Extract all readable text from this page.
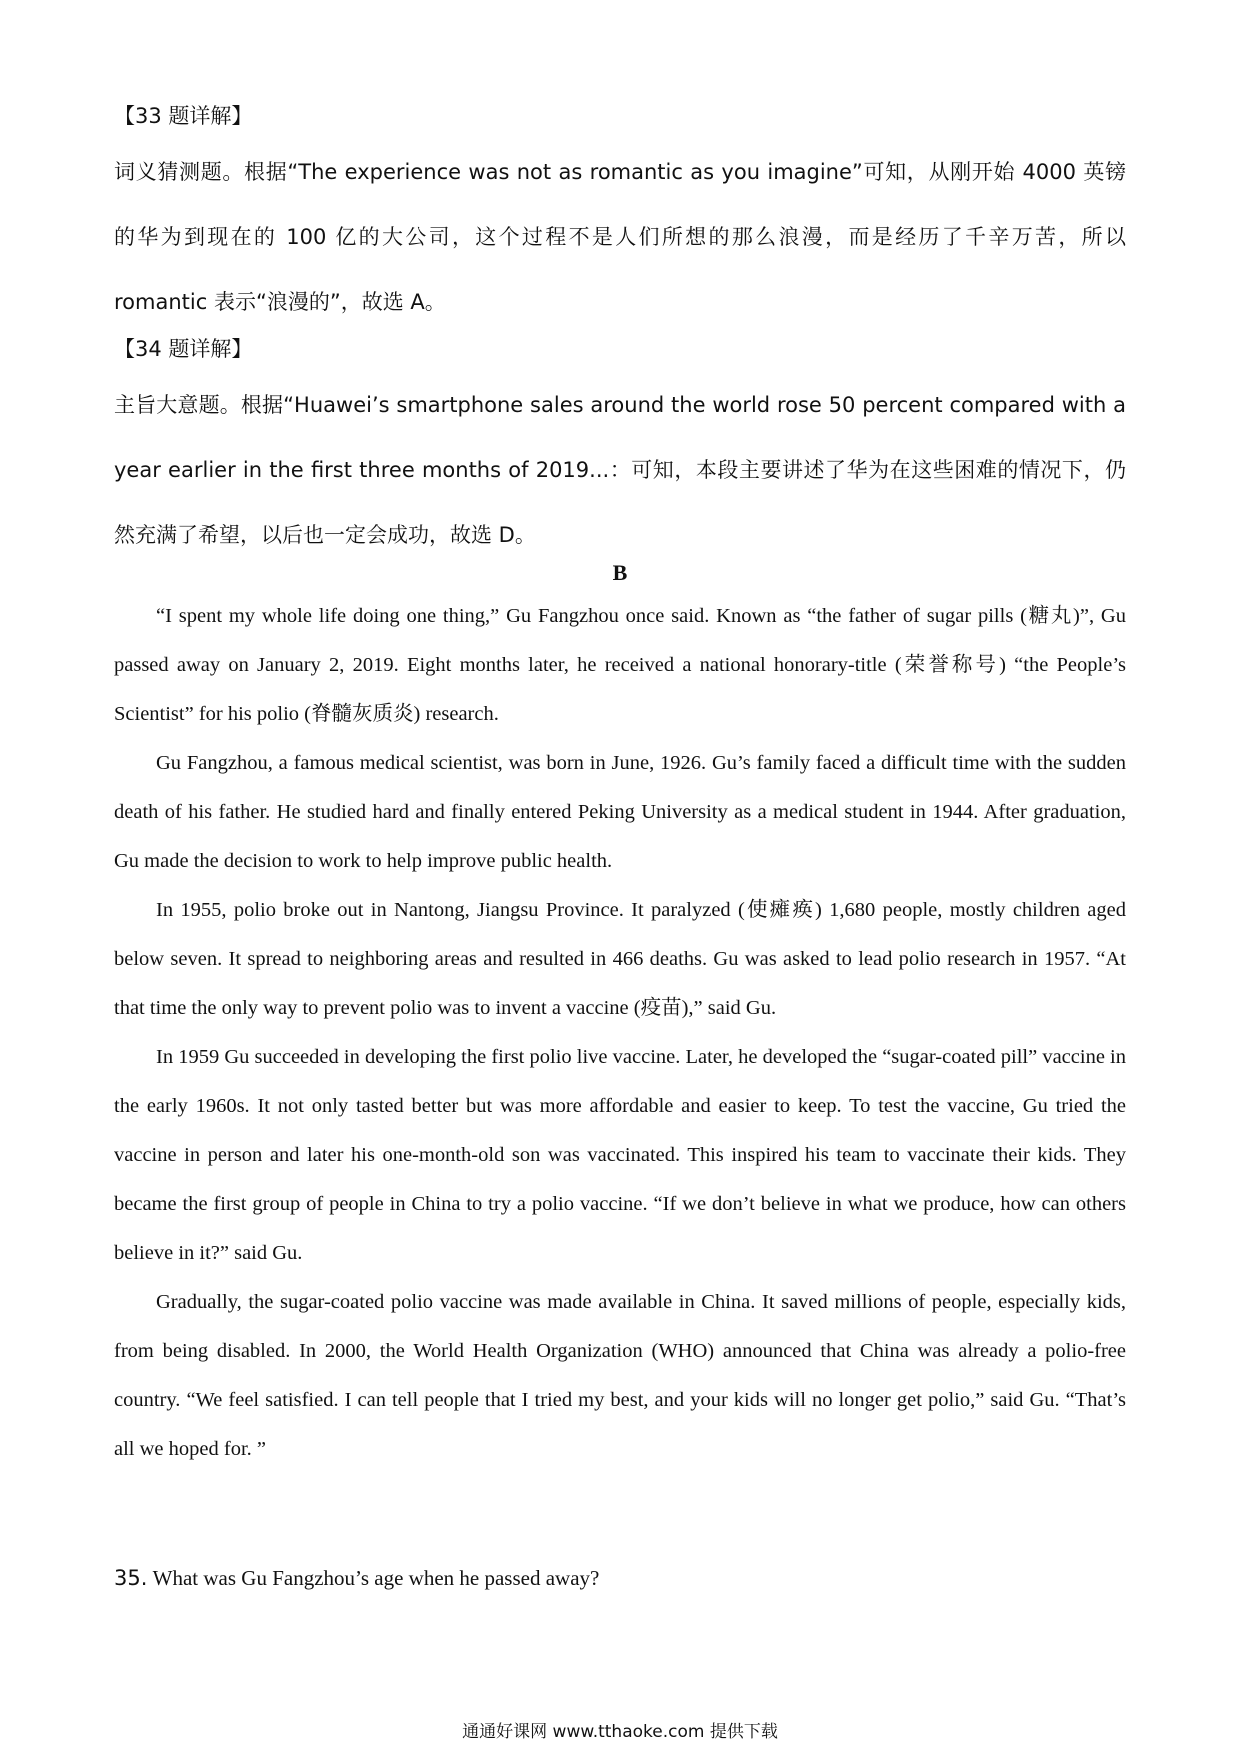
【33 题详解】

词义猜测题。根据“The experience was not as romantic as you imagine”可知，从刚开始 4000 英镑的华为到现在的 100 亿的大公司，这个过程不是人们所想的那么浪漫，而是经历了千辛万苦，所以 romantic 表示“浪漫的”，故选 A。

【34 题详解】

主旨大意题。根据“Huawei’s smartphone sales around the world rose 50 percent compared with a year earlier in the first three months of 2019...：可知，本段主要讲述了华为在这些困难的情况下，仍然充满了希望，以后也一定会成功，故选 D。

B

“I spent my whole life doing one thing,” Gu Fangzhou once said. Known as “the father of sugar pills (糖丸)”, Gu passed away on January 2, 2019. Eight months later, he received a national honorary-title (荣誉称号) “the People’s Scientist” for his polio (脊髓灰质炎) research.

Gu Fangzhou, a famous medical scientist, was born in June, 1926. Gu’s family faced a difficult time with the sudden death of his father. He studied hard and finally entered Peking University as a medical student in 1944. After graduation, Gu made the decision to work to help improve public health.

In 1955, polio broke out in Nantong, Jiangsu Province. It paralyzed (使瘫痪) 1,680 people, mostly children aged below seven. It spread to neighboring areas and resulted in 466 deaths. Gu was asked to lead polio research in 1957. “At that time the only way to prevent polio was to invent a vaccine (疫苗),” said Gu.

In 1959 Gu succeeded in developing the first polio live vaccine. Later, he developed the “sugar-coated pill” vaccine in the early 1960s. It not only tasted better but was more affordable and easier to keep. To test the vaccine, Gu tried the vaccine in person and later his one-month-old son was vaccinated. This inspired his team to vaccinate their kids. They became the first group of people in China to try a polio vaccine. “If we don’t believe in what we produce, how can others believe in it?” said Gu.

Gradually, the sugar-coated polio vaccine was made available in China. It saved millions of people, especially kids, from being disabled. In 2000, the World Health Organization (WHO) announced that China was already a polio-free country. “We feel satisfied. I can tell people that I tried my best, and your kids will no longer get polio,” said Gu. “That’s all we hoped for. ”

35. What was Gu Fangzhou’s age when he passed away?
通通好课网 www.tthaoke.com 提供下载
